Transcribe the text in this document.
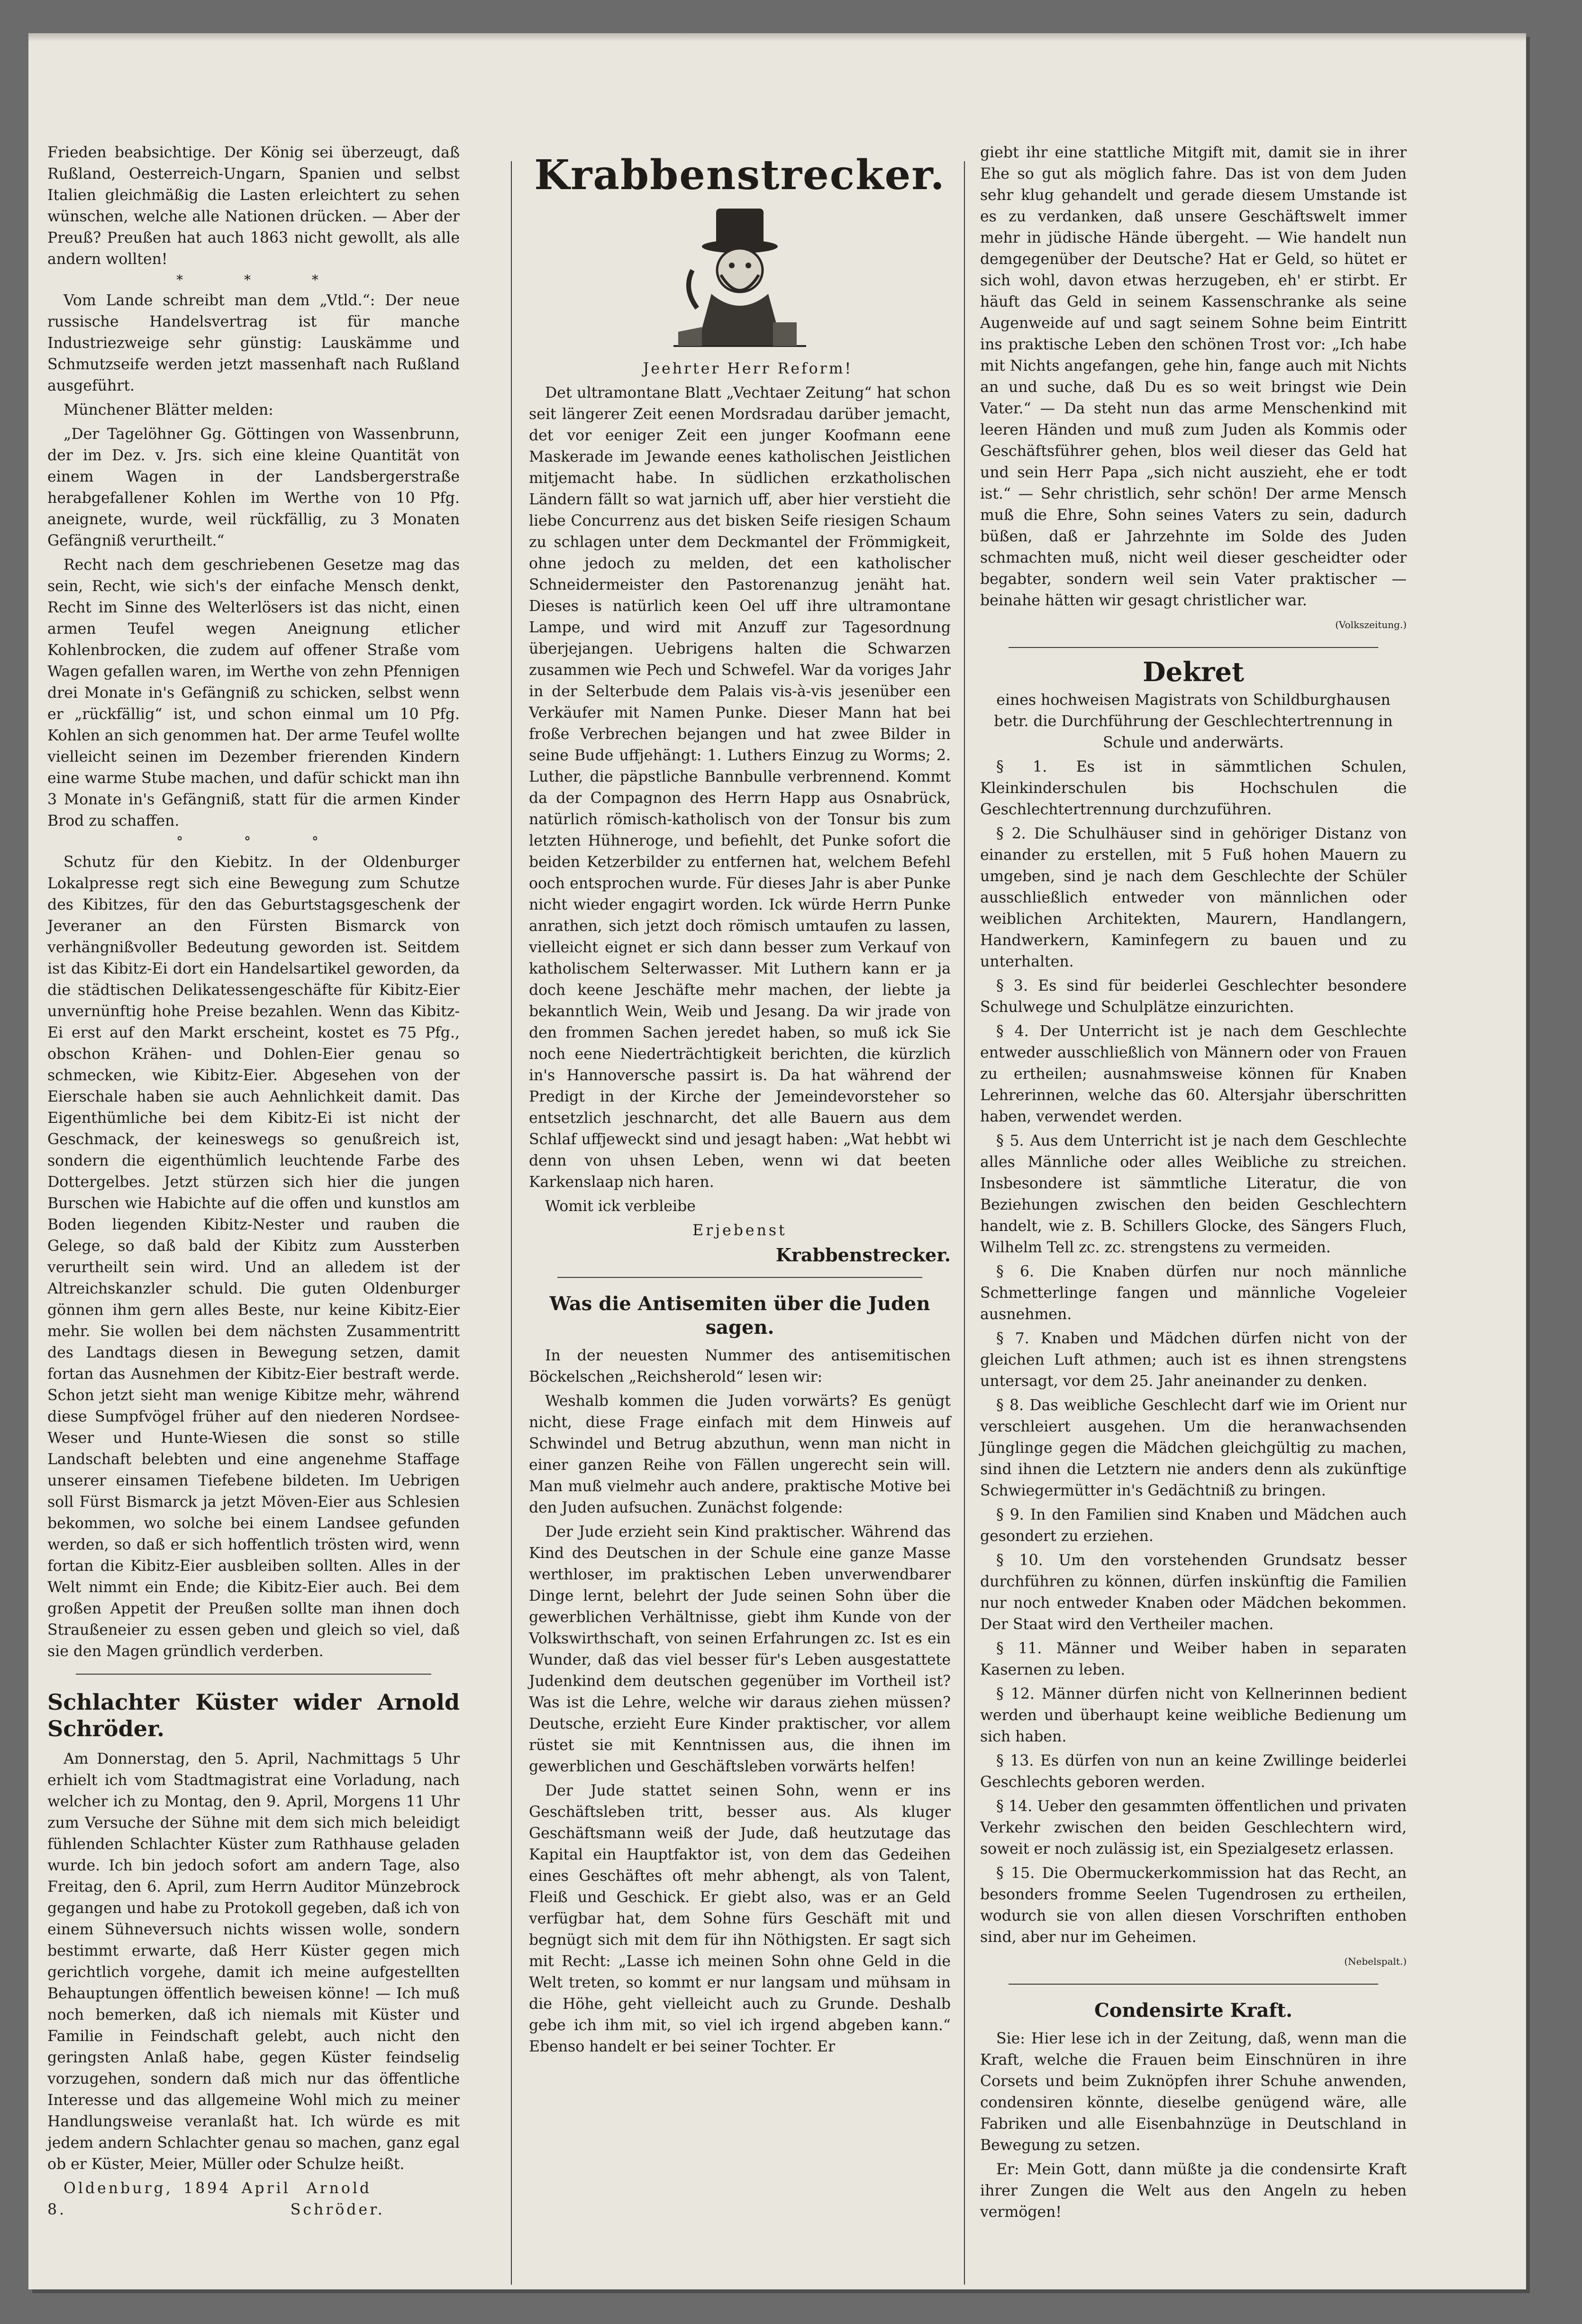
Frieden beabsichtige. Der König sei überzeugt, daß Rußland, Oesterreich-Ungarn, Spanien und selbst Italien gleichmäßig die Lasten erleichtert zu sehen wünschen, welche alle Nationen drücken. — Aber der Preuß? Preußen hat auch 1863 nicht gewollt, als alle andern wollten!

* * *

Vom Lande schreibt man dem „Vtld.“: Der neue russische Handelsvertrag ist für manche Industriezweige sehr günstig: Lauskämme und Schmutzseife werden jetzt massenhaft nach Rußland ausgeführt.

Münchener Blätter melden:

„Der Tagelöhner Gg. Göttingen von Wassenbrunn, der im Dez. v. Jrs. sich eine kleine Quantität von einem Wagen in der Landsbergerstraße herabgefallener Kohlen im Werthe von 10 Pfg. aneignete, wurde, weil rückfällig, zu 3 Monaten Gefängniß verurtheilt.“

Recht nach dem geschriebenen Gesetze mag das sein, Recht, wie sich's der einfache Mensch denkt, Recht im Sinne des Welterlösers ist das nicht, einen armen Teufel wegen Aneignung etlicher Kohlenbrocken, die zudem auf offener Straße vom Wagen gefallen waren, im Werthe von zehn Pfennigen drei Monate in's Gefängniß zu schicken, selbst wenn er „rückfällig“ ist, und schon einmal um 10 Pfg. Kohlen an sich genommen hat. Der arme Teufel wollte vielleicht seinen im Dezember frierenden Kindern eine warme Stube machen, und dafür schickt man ihn 3 Monate in's Gefängniß, statt für die armen Kinder Brod zu schaffen.

° ° °

Schutz für den Kiebitz. In der Oldenburger Lokalpresse regt sich eine Bewegung zum Schutze des Kibitzes, für den das Geburtstagsgeschenk der Jeveraner an den Fürsten Bismarck von verhängnißvoller Bedeutung geworden ist. Seitdem ist das Kibitz-Ei dort ein Handelsartikel geworden, da die städtischen Delikatessengeschäfte für Kibitz-Eier unvernünftig hohe Preise bezahlen. Wenn das Kibitz-Ei erst auf den Markt erscheint, kostet es 75 Pfg., obschon Krähen- und Dohlen-Eier genau so schmecken, wie Kibitz-Eier. Abgesehen von der Eierschale haben sie auch Aehnlichkeit damit. Das Eigenthümliche bei dem Kibitz-Ei ist nicht der Geschmack, der keineswegs so genußreich ist, sondern die eigenthümlich leuchtende Farbe des Dottergelbes. Jetzt stürzen sich hier die jungen Burschen wie Habichte auf die offen und kunstlos am Boden liegenden Kibitz-Nester und rauben die Gelege, so daß bald der Kibitz zum Aussterben verurtheilt sein wird. Und an alledem ist der Altreichskanzler schuld. Die guten Oldenburger gönnen ihm gern alles Beste, nur keine Kibitz-Eier mehr. Sie wollen bei dem nächsten Zusammentritt des Landtags diesen in Bewegung setzen, damit fortan das Ausnehmen der Kibitz-Eier bestraft werde. Schon jetzt sieht man wenige Kibitze mehr, während diese Sumpfvögel früher auf den niederen Nordsee-Weser und Hunte-Wiesen die sonst so stille Landschaft belebten und eine angenehme Staffage unserer einsamen Tiefebene bildeten. Im Uebrigen soll Fürst Bismarck ja jetzt Möven-Eier aus Schlesien bekommen, wo solche bei einem Landsee gefunden werden, so daß er sich hoffentlich trösten wird, wenn fortan die Kibitz-Eier ausbleiben sollten. Alles in der Welt nimmt ein Ende; die Kibitz-Eier auch. Bei dem großen Appetit der Preußen sollte man ihnen doch Straußeneier zu essen geben und gleich so viel, daß sie den Magen gründlich verderben.

Schlachter Küster wider Arnold Schröder.

Am Donnerstag, den 5. April, Nachmittags 5 Uhr erhielt ich vom Stadtmagistrat eine Vorladung, nach welcher ich zu Montag, den 9. April, Morgens 11 Uhr zum Versuche der Sühne mit dem sich mich beleidigt fühlenden Schlachter Küster zum Rathhause geladen wurde. Ich bin jedoch sofort am andern Tage, also Freitag, den 6. April, zum Herrn Auditor Münzebrock gegangen und habe zu Protokoll gegeben, daß ich von einem Sühneversuch nichts wissen wolle, sondern bestimmt erwarte, daß Herr Küster gegen mich gerichtlich vorgehe, damit ich meine aufgestellten Behauptungen öffentlich beweisen könne! — Ich muß noch bemerken, daß ich niemals mit Küster und Familie in Feindschaft gelebt, auch nicht den geringsten Anlaß habe, gegen Küster feindselig vorzugehen, sondern daß mich nur das öffentliche Interesse und das allgemeine Wohl mich zu meiner Handlungsweise veranlaßt hat. Ich würde es mit jedem andern Schlachter genau so machen, ganz egal ob er Küster, Meier, Müller oder Schulze heißt.

Oldenburg, 1894 April 8.
Arnold Schröder.

Krabbenstrecker.

Jeehrter Herr Reform!

Det ultramontane Blatt „Vechtaer Zeitung“ hat schon seit längerer Zeit eenen Mordsradau darüber jemacht, det vor eeniger Zeit een junger Koofmann eene Maskerade im Jewande eenes katholischen Jeistlichen mitjemacht habe. In südlichen erzkatholischen Ländern fällt so wat jarnich uff, aber hier verstieht die liebe Concurrenz aus det bisken Seife riesigen Schaum zu schlagen unter dem Deckmantel der Frömmigkeit, ohne jedoch zu melden, det een katholischer Schneidermeister den Pastorenanzug jenäht hat. Dieses is natürlich keen Oel uff ihre ultramontane Lampe, und wird mit Anzuff zur Tagesordnung überjejangen. Uebrigens halten die Schwarzen zusammen wie Pech und Schwefel. War da voriges Jahr in der Selterbude dem Palais vis-à-vis jesenüber een Verkäufer mit Namen Punke. Dieser Mann hat bei froße Verbrechen bejangen und hat zwee Bilder in seine Bude uffjehängt: 1. Luthers Einzug zu Worms; 2. Luther, die päpstliche Bannbulle verbrennend. Kommt da der Compagnon des Herrn Happ aus Osnabrück, natürlich römisch-katholisch von der Tonsur bis zum letzten Hühneroge, und befiehlt, det Punke sofort die beiden Ketzerbilder zu entfernen hat, welchem Befehl ooch entsprochen wurde. Für dieses Jahr is aber Punke nicht wieder engagirt worden. Ick würde Herrn Punke anrathen, sich jetzt doch römisch umtaufen zu lassen, vielleicht eignet er sich dann besser zum Verkauf von katholischem Selterwasser. Mit Luthern kann er ja doch keene Jeschäfte mehr machen, der liebte ja bekanntlich Wein, Weib und Jesang. Da wir jrade von den frommen Sachen jeredet haben, so muß ick Sie noch eene Niederträchtigkeit berichten, die kürzlich in's Hannoversche passirt is. Da hat während der Predigt in der Kirche der Jemeindevorsteher so entsetzlich jeschnarcht, det alle Bauern aus dem Schlaf uffjeweckt sind und jesagt haben: „Wat hebbt wi denn von uhsen Leben, wenn wi dat beeten Karkenslaap nich haren.

Womit ick verbleibe

Erjebenst

Krabbenstrecker.

Was die Antisemiten über die Juden sagen.

In der neuesten Nummer des antisemitischen Böckelschen „Reichsherold“ lesen wir:

Weshalb kommen die Juden vorwärts? Es genügt nicht, diese Frage einfach mit dem Hinweis auf Schwindel und Betrug abzuthun, wenn man nicht in einer ganzen Reihe von Fällen ungerecht sein will. Man muß vielmehr auch andere, praktische Motive bei den Juden aufsuchen. Zunächst folgende:

Der Jude erzieht sein Kind praktischer. Während das Kind des Deutschen in der Schule eine ganze Masse werthloser, im praktischen Leben unverwendbarer Dinge lernt, belehrt der Jude seinen Sohn über die gewerblichen Verhältnisse, giebt ihm Kunde von der Volkswirthschaft, von seinen Erfahrungen zc. Ist es ein Wunder, daß das viel besser für's Leben ausgestattete Judenkind dem deutschen gegenüber im Vortheil ist? Was ist die Lehre, welche wir daraus ziehen müssen? Deutsche, erzieht Eure Kinder praktischer, vor allem rüstet sie mit Kenntnissen aus, die ihnen im gewerblichen und Geschäftsleben vorwärts helfen!

Der Jude stattet seinen Sohn, wenn er ins Geschäftsleben tritt, besser aus. Als kluger Geschäftsmann weiß der Jude, daß heutzutage das Kapital ein Hauptfaktor ist, von dem das Gedeihen eines Geschäftes oft mehr abhengt, als von Talent, Fleiß und Geschick. Er giebt also, was er an Geld verfügbar hat, dem Sohne fürs Geschäft mit und begnügt sich mit dem für ihn Nöthigsten. Er sagt sich mit Recht: „Lasse ich meinen Sohn ohne Geld in die Welt treten, so kommt er nur langsam und mühsam in die Höhe, geht vielleicht auch zu Grunde. Deshalb gebe ich ihm mit, so viel ich irgend abgeben kann.“ Ebenso handelt er bei seiner Tochter. Er

giebt ihr eine stattliche Mitgift mit, damit sie in ihrer Ehe so gut als möglich fahre. Das ist von dem Juden sehr klug gehandelt und gerade diesem Umstande ist es zu verdanken, daß unsere Geschäftswelt immer mehr in jüdische Hände übergeht. — Wie handelt nun demgegenüber der Deutsche? Hat er Geld, so hütet er sich wohl, davon etwas herzugeben, eh' er stirbt. Er häuft das Geld in seinem Kassenschranke als seine Augenweide auf und sagt seinem Sohne beim Eintritt ins praktische Leben den schönen Trost vor: „Ich habe mit Nichts angefangen, gehe hin, fange auch mit Nichts an und suche, daß Du es so weit bringst wie Dein Vater.“ — Da steht nun das arme Menschenkind mit leeren Händen und muß zum Juden als Kommis oder Geschäftsführer gehen, blos weil dieser das Geld hat und sein Herr Papa „sich nicht auszieht, ehe er todt ist.“ — Sehr christlich, sehr schön! Der arme Mensch muß die Ehre, Sohn seines Vaters zu sein, dadurch büßen, daß er Jahrzehnte im Solde des Juden schmachten muß, nicht weil dieser gescheidter oder begabter, sondern weil sein Vater praktischer — beinahe hätten wir gesagt christlicher war.

(Volkszeitung.)

Dekret

eines hochweisen Magistrats von Schildburghausen betr. die Durchführung der Geschlechtertrennung in Schule und anderwärts.

§ 1. Es ist in sämmtlichen Schulen, Kleinkinderschulen bis Hochschulen die Geschlechtertrennung durchzuführen.

§ 2. Die Schulhäuser sind in gehöriger Distanz von einander zu erstellen, mit 5 Fuß hohen Mauern zu umgeben, sind je nach dem Geschlechte der Schüler ausschließlich entweder von männlichen oder weiblichen Architekten, Maurern, Handlangern, Handwerkern, Kaminfegern zu bauen und zu unterhalten.

§ 3. Es sind für beiderlei Geschlechter besondere Schulwege und Schulplätze einzurichten.

§ 4. Der Unterricht ist je nach dem Geschlechte entweder ausschließlich von Männern oder von Frauen zu ertheilen; ausnahmsweise können für Knaben Lehrerinnen, welche das 60. Altersjahr überschritten haben, verwendet werden.

§ 5. Aus dem Unterricht ist je nach dem Geschlechte alles Männliche oder alles Weibliche zu streichen. Insbesondere ist sämmtliche Literatur, die von Beziehungen zwischen den beiden Geschlechtern handelt, wie z. B. Schillers Glocke, des Sängers Fluch, Wilhelm Tell zc. zc. strengstens zu vermeiden.

§ 6. Die Knaben dürfen nur noch männliche Schmetterlinge fangen und männliche Vogeleier ausnehmen.

§ 7. Knaben und Mädchen dürfen nicht von der gleichen Luft athmen; auch ist es ihnen strengstens untersagt, vor dem 25. Jahr aneinander zu denken.

§ 8. Das weibliche Geschlecht darf wie im Orient nur verschleiert ausgehen. Um die heranwachsenden Jünglinge gegen die Mädchen gleichgültig zu machen, sind ihnen die Letztern nie anders denn als zukünftige Schwiegermütter in's Gedächtniß zu bringen.

§ 9. In den Familien sind Knaben und Mädchen auch gesondert zu erziehen.

§ 10. Um den vorstehenden Grundsatz besser durchführen zu können, dürfen inskünftig die Familien nur noch entweder Knaben oder Mädchen bekommen. Der Staat wird den Vertheiler machen.

§ 11. Männer und Weiber haben in separaten Kasernen zu leben.

§ 12. Männer dürfen nicht von Kellnerinnen bedient werden und überhaupt keine weibliche Bedienung um sich haben.

§ 13. Es dürfen von nun an keine Zwillinge beiderlei Geschlechts geboren werden.

§ 14. Ueber den gesammten öffentlichen und privaten Verkehr zwischen den beiden Geschlechtern wird, soweit er noch zulässig ist, ein Spezialgesetz erlassen.

§ 15. Die Obermuckerkommission hat das Recht, an besonders fromme Seelen Tugendrosen zu ertheilen, wodurch sie von allen diesen Vorschriften enthoben sind, aber nur im Geheimen.

(Nebelspalt.)

Condensirte Kraft.

Sie: Hier lese ich in der Zeitung, daß, wenn man die Kraft, welche die Frauen beim Einschnüren in ihre Corsets und beim Zuknöpfen ihrer Schuhe anwenden, condensiren könnte, dieselbe genügend wäre, alle Fabriken und alle Eisenbahnzüge in Deutschland in Bewegung zu setzen.

Er: Mein Gott, dann müßte ja die condensirte Kraft ihrer Zungen die Welt aus den Angeln zu heben vermögen!
